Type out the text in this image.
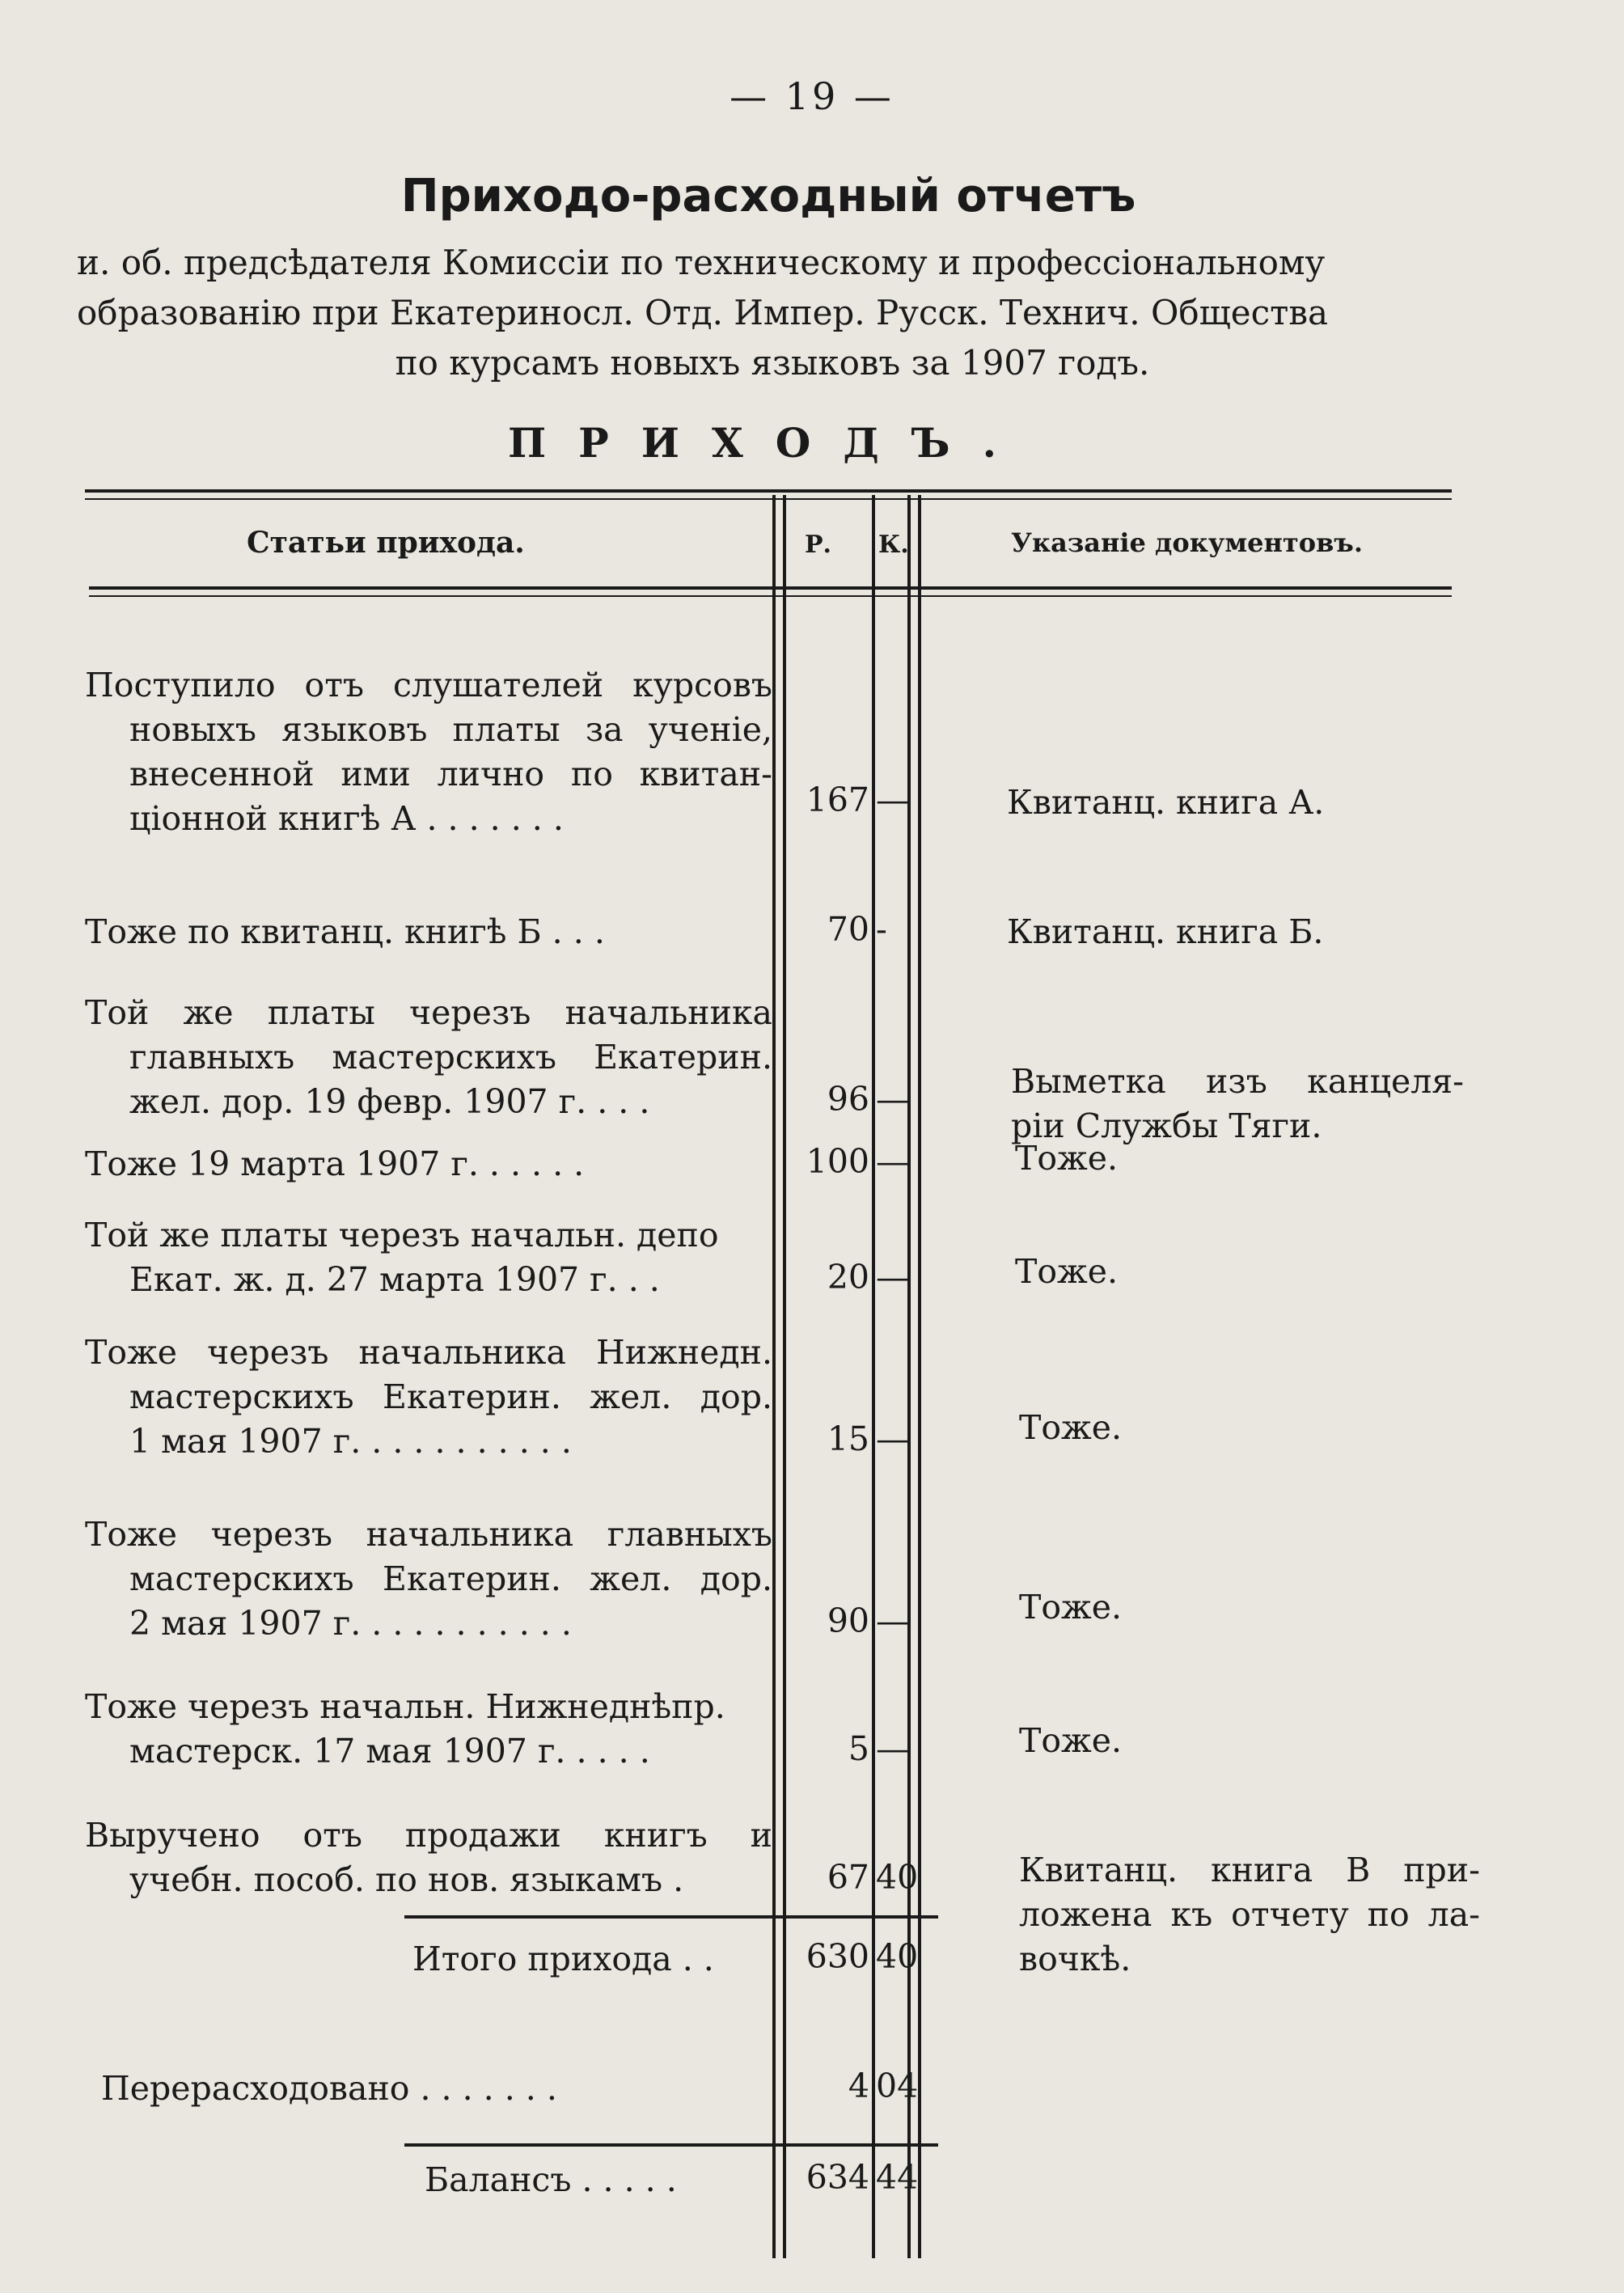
— 19 —
Приходо-расходный отчетъ
и. об. предсѣдателя Комиссіи по техническому и профессіональному
образованію при Екатериносл. Отд. Импер. Русск. Технич. Общества
по курсамъ новыхъ языковъ за 1907 годъ.
ПРИХОДЪ.
Статьи прихода.	Р. К.	Указаніе документовъ.
Поступило отъ слушателей курсовъ
новыхъ языковъ платы за ученіе,
внесенной ими лично по квитан-
ціонной книгѣ А . . . . . . .	167 —	Квитанц. книга А.
Тоже по квитанц. книгѣ Б . . .	70 -	Квитанц. книга Б.
Той же платы черезъ начальника
главныхъ мастерскихъ Екатерин.
жел. дор. 19 февр. 1907 г. . . .	96 —	Выметка изъ канцеля-
ріи Службы Тяги.
Тоже 19 марта 1907 г. . . . . .	100 —	Тоже.
Той же платы черезъ начальн. депо
Екат. ж. д. 27 марта 1907 г. . .	20 —	Тоже.
Тоже черезъ начальника Нижнедн.
мастерскихъ Екатерин. жел. дор.
1 мая 1907 г. . . . . . . . . . .	15 —	Тоже.
Тоже черезъ начальника главныхъ
мастерскихъ Екатерин. жел. дор.
2 мая 1907 г. . . . . . . . . . .	90 —	Тоже.
Тоже черезъ начальн. Нижнеднѣпр.
мастерск. 17 мая 1907 г. . . . .	5 —	Тоже.
Выручено отъ продажи книгъ и
учебн. пособ. по нов. языкамъ .	67 40	Квитанц. книга В при-
ложена къ отчету по ла-
вочкѣ.
Итого прихода . .	630 40
Перерасходовано . . . . . . .	4 04
Балансъ . . . . .	634 44
